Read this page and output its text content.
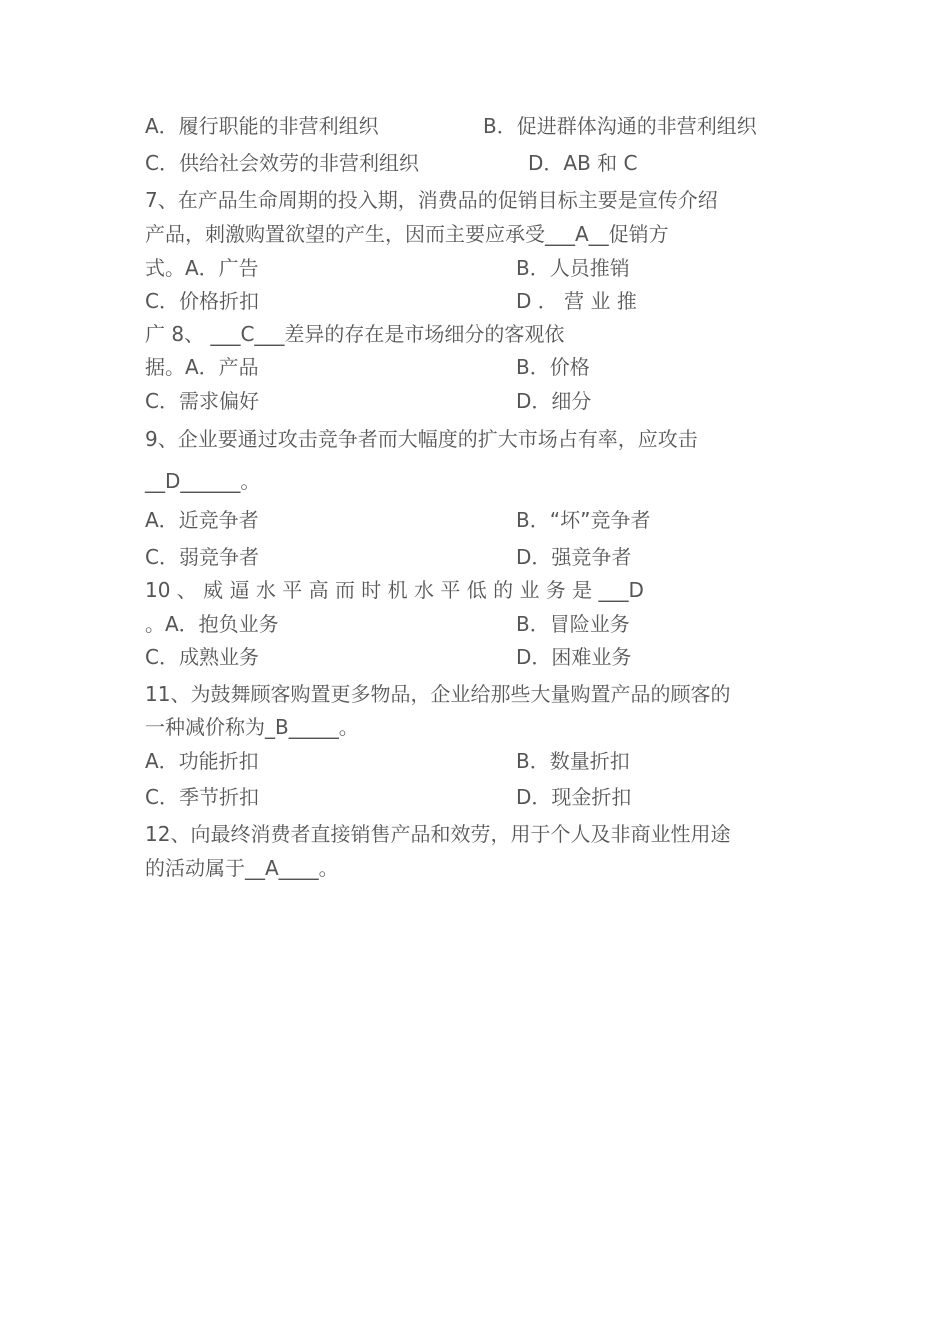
A．履行职能的非营利组织	B．促进群体沟通的非营利组织
C．供给社会效劳的非营利组织	D．AB 和 C
7、在产品生命周期的投入期，消费品的促销目标主要是宣传介绍
产品，刺激购置欲望的产生，因而主要应承受___A__促销方
式。A．广告	B．人员推销
C．价格折扣	D ． 营 业 推
广 8、 ___C___差异的存在是市场细分的客观依
据。A．产品	B．价格
C．需求偏好	D．细分
9、企业要通过攻击竞争者而大幅度的扩大市场占有率，应攻击
__D______。
A．近竞争者	B．“坏”竞争者
C．弱竞争者	D．强竞争者
10 、 威 逼 水 平 高 而 时 机 水 平 低 的 业 务 是 ___D
。A．抱负业务	B．冒险业务
C．成熟业务	D．困难业务
11、为鼓舞顾客购置更多物品，企业给那些大量购置产品的顾客的
一种减价称为_B_____。
A．功能折扣	B．数量折扣
C．季节折扣	D．现金折扣
12、向最终消费者直接销售产品和效劳，用于个人及非商业性用途
的活动属于__A____。
